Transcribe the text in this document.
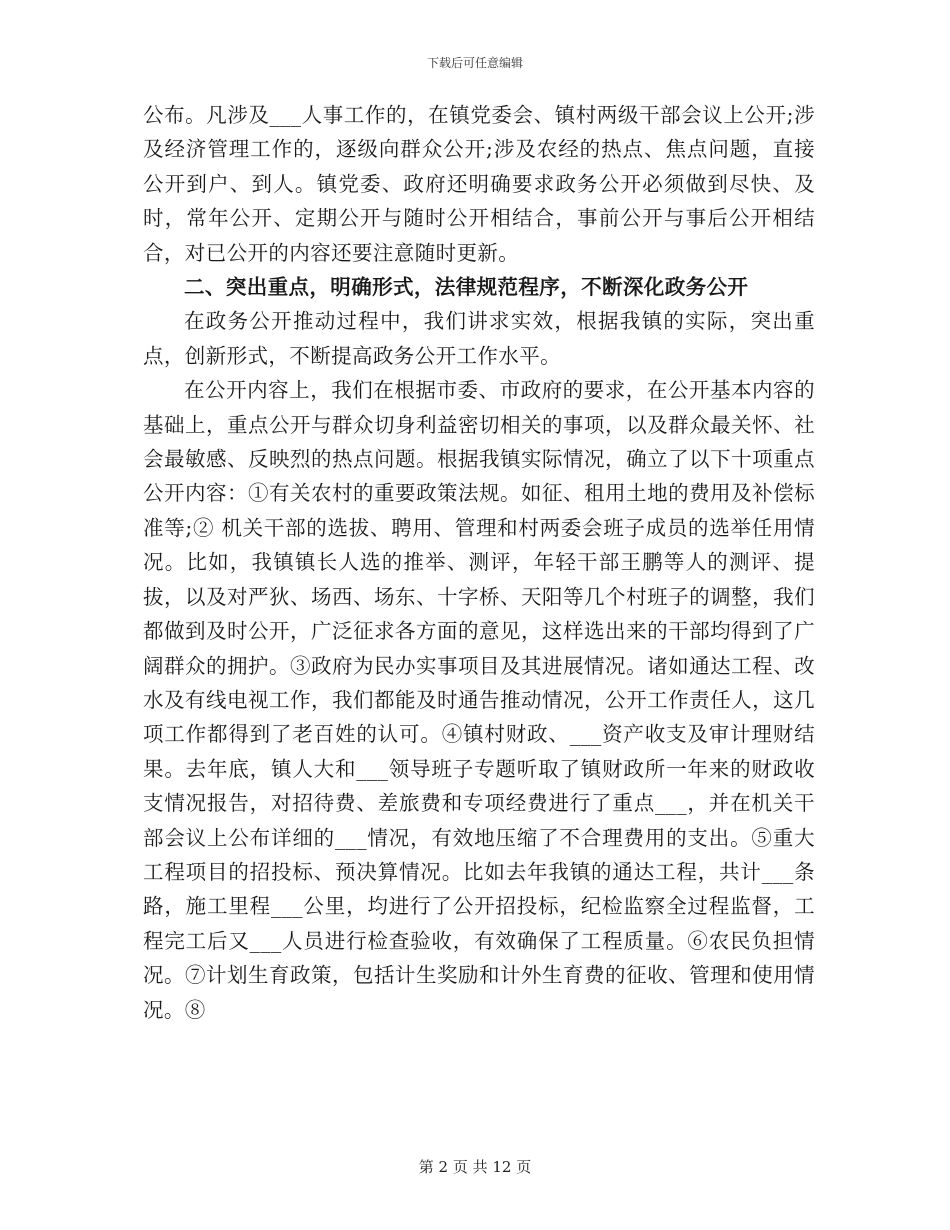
下载后可任意编辑

公布。凡涉及___人事工作的，在镇党委会、镇村两级干部会议上公开;涉及经济管理工作的，逐级向群众公开;涉及农经的热点、焦点问题，直接公开到户、到人。镇党委、政府还明确要求政务公开必须做到尽快、及时，常年公开、定期公开与随时公开相结合，事前公开与事后公开相结合，对已公开的内容还要注意随时更新。

二、突出重点，明确形式，法律规范程序，不断深化政务公开

在政务公开推动过程中，我们讲求实效，根据我镇的实际，突出重点，创新形式，不断提高政务公开工作水平。

在公开内容上，我们在根据市委、市政府的要求，在公开基本内容的基础上，重点公开与群众切身利益密切相关的事项，以及群众最关怀、社会最敏感、反映烈的热点问题。根据我镇实际情况，确立了以下十项重点公开内容：①有关农村的重要政策法规。如征、租用土地的费用及补偿标准等;② 机关干部的选拔、聘用、管理和村两委会班子成员的选举任用情况。比如，我镇镇长人选的推举、测评，年轻干部王鹏等人的测评、提拔，以及对严狄、场西、场东、十字桥、天阳等几个村班子的调整，我们都做到及时公开，广泛征求各方面的意见，这样选出来的干部均得到了广阔群众的拥护。③政府为民办实事项目及其进展情况。诸如通达工程、改水及有线电视工作，我们都能及时通告推动情况，公开工作责任人，这几项工作都得到了老百姓的认可。④镇村财政、___资产收支及审计理财结果。去年底，镇人大和___领导班子专题听取了镇财政所一年来的财政收支情况报告，对招待费、差旅费和专项经费进行了重点___，并在机关干部会议上公布详细的___情况，有效地压缩了不合理费用的支出。⑤重大工程项目的招投标、预决算情况。比如去年我镇的通达工程，共计___条路，施工里程___公里，均进行了公开招投标，纪检监察全过程监督，工程完工后又___人员进行检查验收，有效确保了工程质量。⑥农民负担情况。⑦计划生育政策，包括计生奖励和计外生育费的征收、管理和使用情况。⑧

第 2 页 共 12 页
